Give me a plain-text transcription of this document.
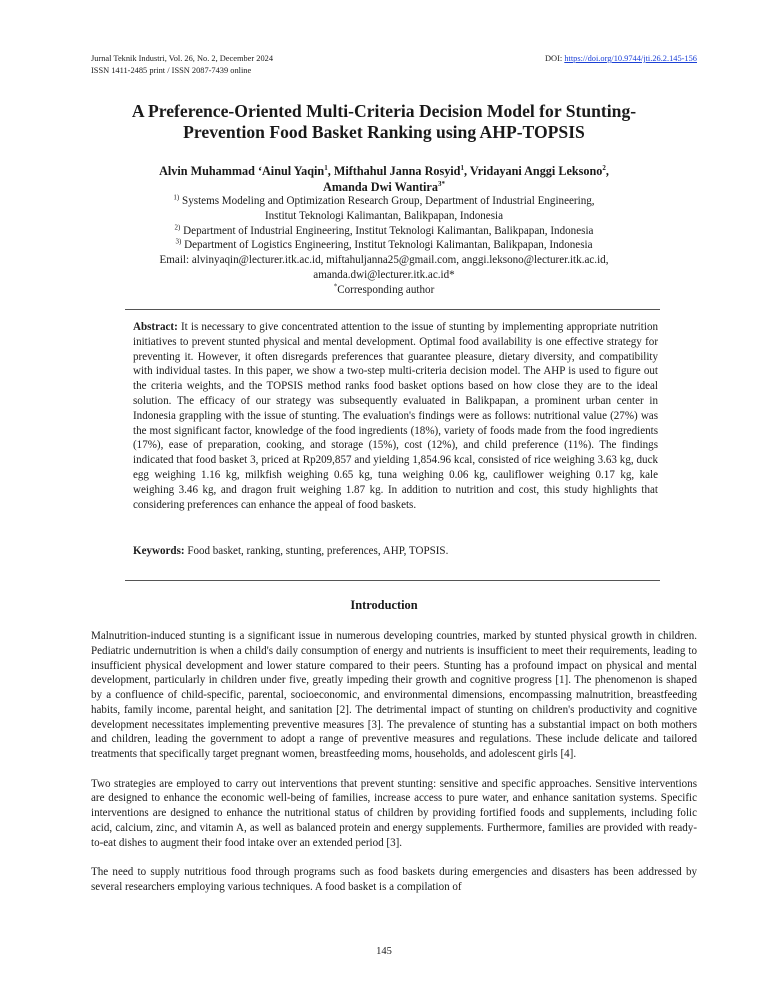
Jurnal Teknik Industri, Vol. 26, No. 2, December 2024
ISSN 1411-2485 print / ISSN 2087-7439 online
DOI: https://doi.org/10.9744/jti.26.2.145-156
A Preference-Oriented Multi-Criteria Decision Model for Stunting-
Prevention Food Basket Ranking using AHP-TOPSIS
Alvin Muhammad ‘Ainul Yaqin$^1$, Mifthahul Janna Rosyid$^1$, Vridayani Anggi Leksono$^2$,
Amanda Dwi Wantira$^{3*}$
$^{1)}$ Systems Modeling and Optimization Research Group, Department of Industrial Engineering,
Institut Teknologi Kalimantan, Balikpapan, Indonesia
$^{2)}$ Department of Industrial Engineering, Institut Teknologi Kalimantan, Balikpapan, Indonesia
$^{3)}$ Department of Logistics Engineering, Institut Teknologi Kalimantan, Balikpapan, Indonesia
Email: alvinyaqin@lecturer.itk.ac.id, miftahuljanna25@gmail.com, anggi.leksono@lecturer.itk.ac.id,
amanda.dwi@lecturer.itk.ac.id*
*Corresponding author
Abstract: It is necessary to give concentrated attention to the issue of stunting by implementing appropriate nutrition initiatives to prevent stunted physical and mental development. Optimal food availability is one effective strategy for preventing it. However, it often disregards preferences that guarantee pleasure, dietary diversity, and compatibility with individual tastes. In this paper, we show a two-step multi-criteria decision model. The AHP is used to figure out the criteria weights, and the TOPSIS method ranks food basket options based on how close they are to the ideal solution. The efficacy of our strategy was subsequently evaluated in Balikpapan, a prominent urban center in Indonesia grappling with the issue of stunting. The evaluation's findings were as follows: nutritional value (27%) was the most significant factor, knowledge of the food ingredients (18%), variety of foods made from the food ingredients (17%), ease of preparation, cooking, and storage (15%), cost (12%), and child preference (11%). The findings indicated that food basket 3, priced at Rp209,857 and yielding 1,854.96 kcal, consisted of rice weighing 3.63 kg, duck egg weighing 1.16 kg, milkfish weighing 0.65 kg, tuna weighing 0.06 kg, cauliflower weighing 0.17 kg, kale weighing 3.46 kg, and dragon fruit weighing 1.87 kg. In addition to nutrition and cost, this study highlights that considering preferences can enhance the appeal of food baskets.
Keywords: Food basket, ranking, stunting, preferences, AHP, TOPSIS.
Introduction

Malnutrition-induced stunting is a significant issue in numerous developing countries, marked by stunted physical growth in children. Pediatric undernutrition is when a child's daily consumption of energy and nutrients is insufficient to meet their requirements, leading to insufficient physical development and lower stature compared to their peers. Stunting has a profound impact on physical and mental development, particularly in children under five, greatly impeding their growth and cognitive progress [1]. The phenomenon is shaped by a confluence of child-specific, parental, socioeconomic, and environmental dimensions, encompassing malnutrition, breastfeeding habits, family income, parental height, and sanitation [2]. The detrimental impact of stunting on children's productivity and cognitive development necessitates implementing preventive measures [3]. The prevalence of stunting has a substantial impact on both mothers and children, leading the government to adopt a range of preventive measures and regulations. These include delicate and tailored treatments that specifically target pregnant women, breastfeeding moms, households, and adolescent girls [4].

Two strategies are employed to carry out interventions that prevent stunting: sensitive and specific approaches. Sensitive interventions are designed to enhance the economic well-being of families, increase access to pure water, and enhance sanitation systems. Specific interventions are designed to enhance the nutritional status of children by providing fortified foods and supplements, including folic acid, calcium, zinc, and vitamin A, as well as balanced protein and energy supplements. Furthermore, families are provided with ready-to-eat dishes to augment their food intake over an extended period [3].

The need to supply nutritious food through programs such as food baskets during emergencies and disasters has been addressed by several researchers employing various techniques. A food basket is a compilation of

145
